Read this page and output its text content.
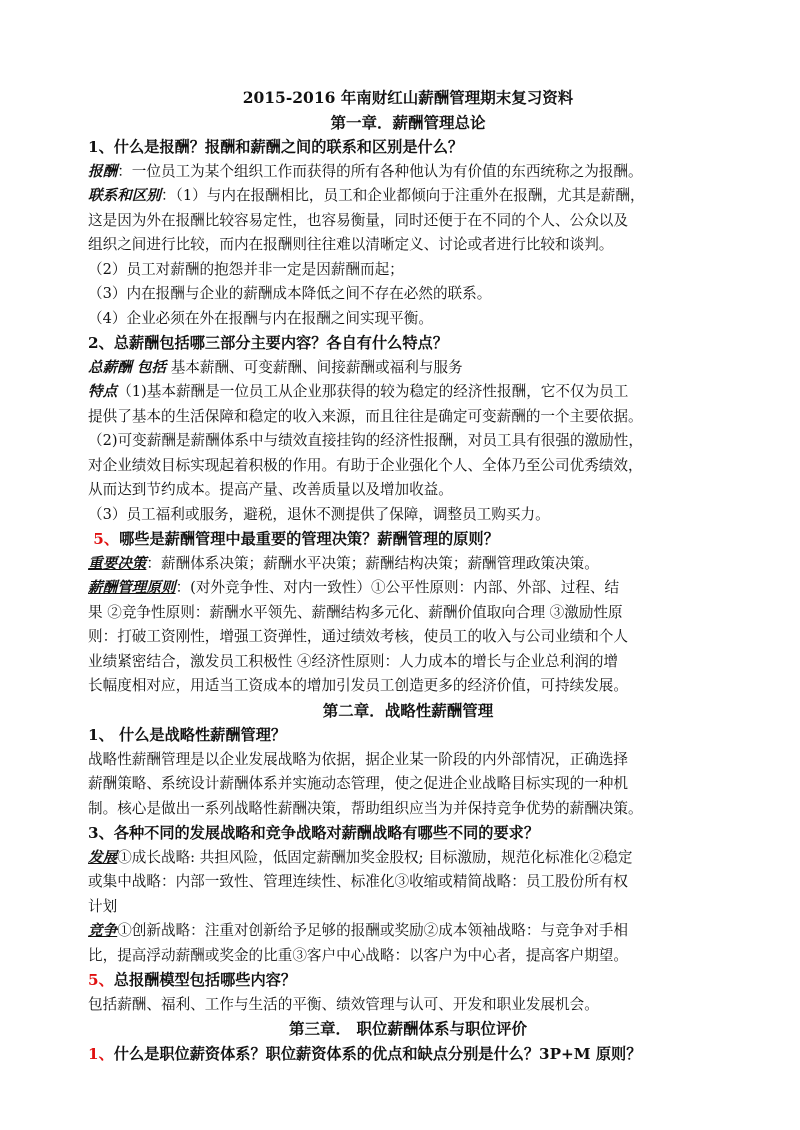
2015-2016 年南财红山薪酬管理期末复习资料
第一章．薪酬管理总论
1、什么是报酬？报酬和薪酬之间的联系和区别是什么？
报酬：一位员工为某个组织工作而获得的所有各种他认为有价值的东西统称之为报酬。
联系和区别：（1）与内在报酬相比，员工和企业都倾向于注重外在报酬，尤其是薪酬，
这是因为外在报酬比较容易定性，也容易衡量，同时还便于在不同的个人、公众以及
组织之间进行比较，而内在报酬则往往难以清晰定义、讨论或者进行比较和谈判。
（2）员工对薪酬的抱怨并非一定是因薪酬而起；
（3）内在报酬与企业的薪酬成本降低之间不存在必然的联系。
（4）企业必须在外在报酬与内在报酬之间实现平衡。
2、总薪酬包括哪三部分主要内容？各自有什么特点？
总薪酬 包括 基本薪酬、可变薪酬、间接薪酬或福利与服务
特点（1)基本薪酬是一位员工从企业那获得的较为稳定的经济性报酬，它不仅为员工
提供了基本的生活保障和稳定的收入来源，而且往往是确定可变薪酬的一个主要依据。
（2)可变薪酬是薪酬体系中与绩效直接挂钩的经济性报酬，对员工具有很强的激励性，
对企业绩效目标实现起着积极的作用。有助于企业强化个人、全体乃至公司优秀绩效，
从而达到节约成本。提高产量、改善质量以及增加收益。
（3）员工福利或服务，避税，退休不测提供了保障，调整员工购买力。
5、哪些是薪酬管理中最重要的管理决策？薪酬管理的原则？
重要决策：薪酬体系决策；薪酬水平决策；薪酬结构决策；薪酬管理政策决策。
薪酬管理原则：(对外竞争性、对内一致性）①公平性原则：内部、外部、过程、结
果 ②竞争性原则：薪酬水平领先、薪酬结构多元化、薪酬价值取向合理 ③激励性原
则：打破工资刚性，增强工资弹性，通过绩效考核，使员工的收入与公司业绩和个人
业绩紧密结合，激发员工积极性 ④经济性原则：人力成本的增长与企业总利润的增
长幅度相对应，用适当工资成本的增加引发员工创造更多的经济价值，可持续发展。
第二章．战略性薪酬管理
1、 什么是战略性薪酬管理？
战略性薪酬管理是以企业发展战略为依据，据企业某一阶段的内外部情况，正确选择
薪酬策略、系统设计薪酬体系并实施动态管理，使之促进企业战略目标实现的一种机
制。核心是做出一系列战略性薪酬决策，帮助组织应当为并保持竞争优势的薪酬决策。
3、各种不同的发展战略和竞争战略对薪酬战略有哪些不同的要求？
发展①成长战略: 共担风险，低固定薪酬加奖金股权; 目标激励，规范化标准化②稳定
或集中战略：内部一致性、管理连续性、标准化③收缩或精简战略：员工股份所有权
计划
竞争①创新战略：注重对创新给予足够的报酬或奖励②成本领袖战略：与竞争对手相
比，提高浮动薪酬或奖金的比重③客户中心战略：以客户为中心者，提高客户期望。
5、总报酬模型包括哪些内容？
包括薪酬、福利、工作与生活的平衡、绩效管理与认可、开发和职业发展机会。
第三章． 职位薪酬体系与职位评价
1、什么是职位薪资体系？职位薪资体系的优点和缺点分别是什么？3P+M 原则？
